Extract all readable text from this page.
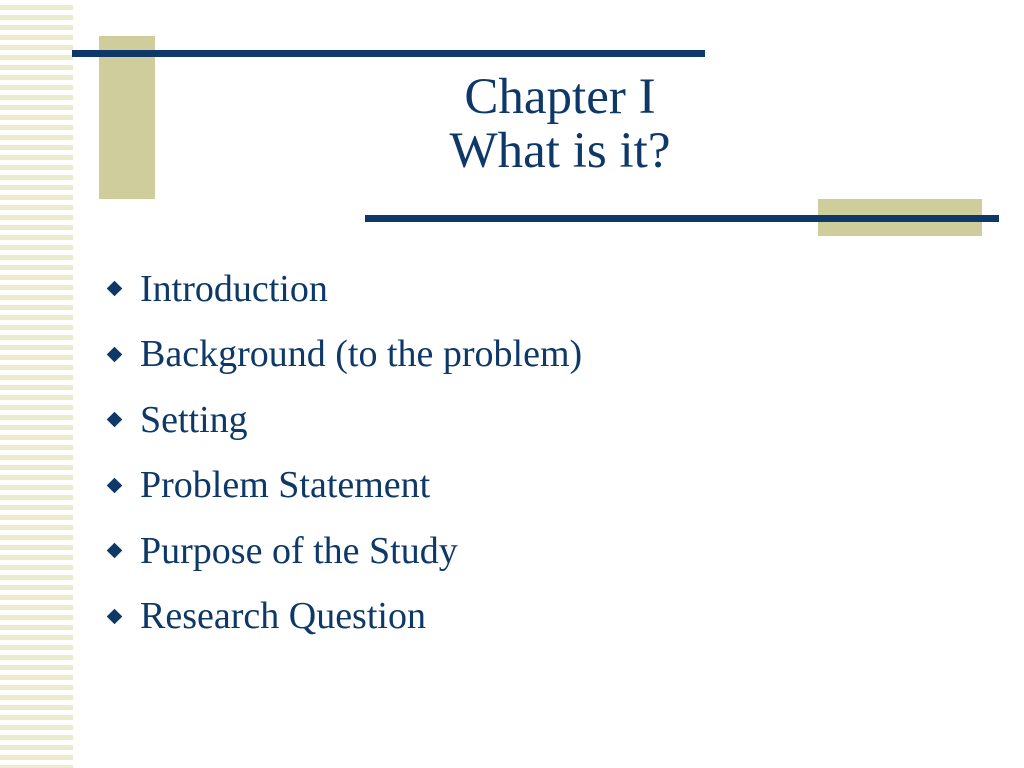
Chapter I
What is it?
Introduction
Background (to the problem)
Setting
Problem Statement
Purpose of the Study
Research Question
